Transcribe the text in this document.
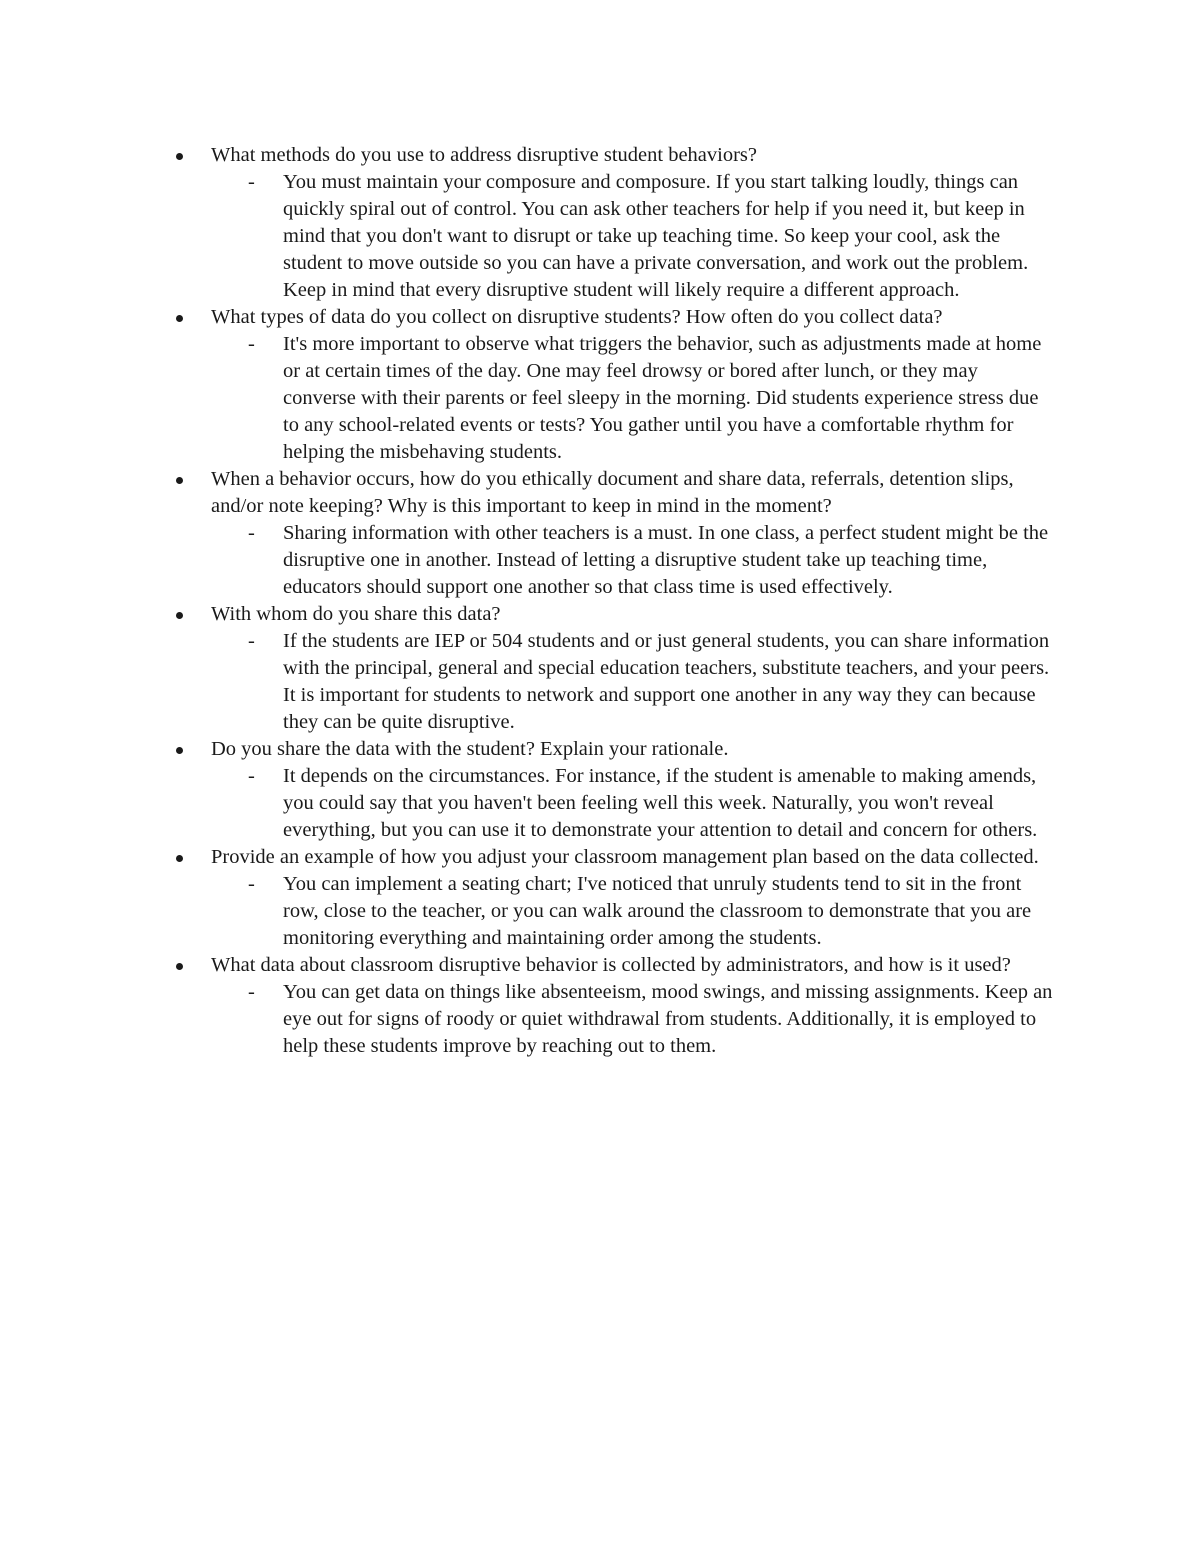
What methods do you use to address disruptive student behaviors?
- You must maintain your composure and composure. If you start talking loudly, things can quickly spiral out of control. You can ask other teachers for help if you need it, but keep in mind that you don't want to disrupt or take up teaching time. So keep your cool, ask the student to move outside so you can have a private conversation, and work out the problem. Keep in mind that every disruptive student will likely require a different approach.
What types of data do you collect on disruptive students? How often do you collect data?
- It's more important to observe what triggers the behavior, such as adjustments made at home or at certain times of the day. One may feel drowsy or bored after lunch, or they may converse with their parents or feel sleepy in the morning. Did students experience stress due to any school-related events or tests? You gather until you have a comfortable rhythm for helping the misbehaving students.
When a behavior occurs, how do you ethically document and share data, referrals, detention slips, and/or note keeping? Why is this important to keep in mind in the moment?
- Sharing information with other teachers is a must. In one class, a perfect student might be the disruptive one in another. Instead of letting a disruptive student take up teaching time, educators should support one another so that class time is used effectively.
With whom do you share this data?
- If the students are IEP or 504 students and or just general students, you can share information with the principal, general and special education teachers, substitute teachers, and your peers. It is important for students to network and support one another in any way they can because they can be quite disruptive.
Do you share the data with the student? Explain your rationale.
- It depends on the circumstances. For instance, if the student is amenable to making amends, you could say that you haven't been feeling well this week. Naturally, you won't reveal everything, but you can use it to demonstrate your attention to detail and concern for others.
Provide an example of how you adjust your classroom management plan based on the data collected.
- You can implement a seating chart; I've noticed that unruly students tend to sit in the front row, close to the teacher, or you can walk around the classroom to demonstrate that you are monitoring everything and maintaining order among the students.
What data about classroom disruptive behavior is collected by administrators, and how is it used?
- You can get data on things like absenteeism, mood swings, and missing assignments. Keep an eye out for signs of roody or quiet withdrawal from students. Additionally, it is employed to help these students improve by reaching out to them.
